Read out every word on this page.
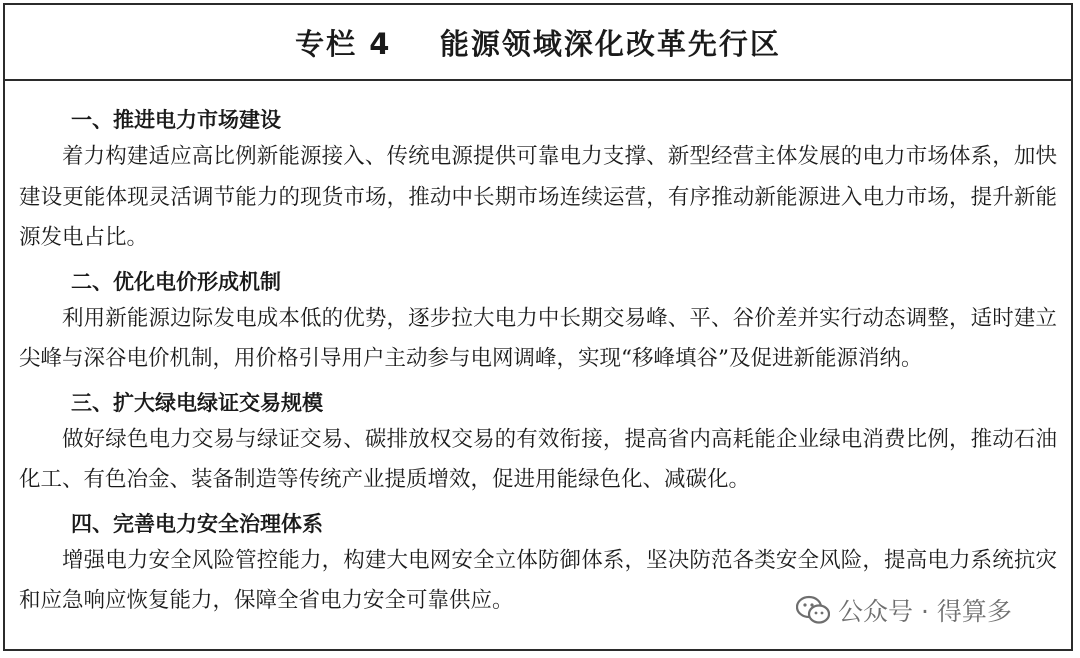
专栏 4    能源领域深化改革先行区
一、推进电力市场建设

着力构建适应高比例新能源接入、传统电源提供可靠电力支撑、新型经营主体发展的电力市场体系，加快建设更能体现灵活调节能力的现货市场，推动中长期市场连续运营，有序推动新能源进入电力市场，提升新能源发电占比。

二、优化电价形成机制

利用新能源边际发电成本低的优势，逐步拉大电力中长期交易峰、平、谷价差并实行动态调整，适时建立尖峰与深谷电价机制，用价格引导用户主动参与电网调峰，实现“移峰填谷”及促进新能源消纳。

三、扩大绿电绿证交易规模

做好绿色电力交易与绿证交易、碳排放权交易的有效衔接，提高省内高耗能企业绿电消费比例，推动石油化工、有色冶金、装备制造等传统产业提质增效，促进用能绿色化、减碳化。

四、完善电力安全治理体系

增强电力安全风险管控能力，构建大电网安全立体防御体系，坚决防范各类安全风险，提高电力系统抗灾和应急响应恢复能力，保障全省电力安全可靠供应。	公众号 · 得算多
